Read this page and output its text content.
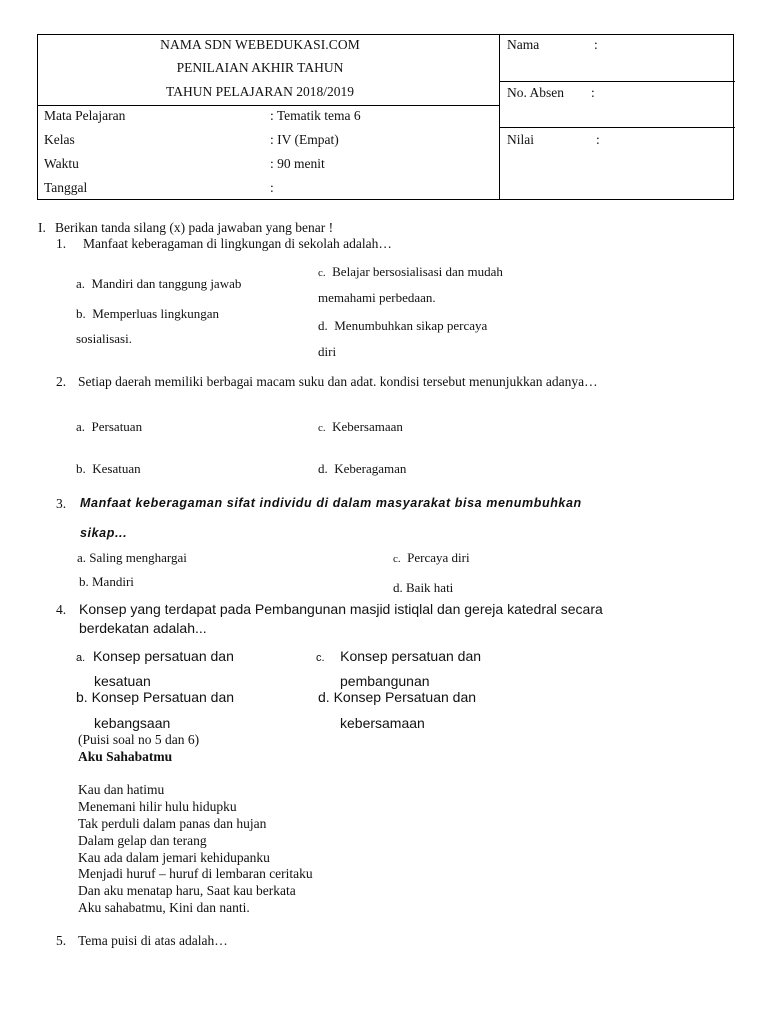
NAMA SDN WEBEDUKASI.COM
PENILAIAN AKHIR TAHUN
TAHUN PELAJARAN 2018/2019
Mata Pelajaran	: Tematik tema 6
Kelas	: IV (Empat)
Waktu	: 90 menit
Tanggal	:
Nama	:
No. Absen :
Nilai	:
I. Berikan tanda silang (x) pada jawaban yang benar !
1. Manfaat keberagaman di lingkungan di sekolah adalah…
a. Mandiri dan tanggung jawab
b. Memperluas lingkungan
sosialisasi.
c. Belajar bersosialisasi dan mudah
memahami perbedaan.
d. Menumbuhkan sikap percaya
diri
2. Setiap daerah memiliki berbagai macam suku dan adat. kondisi tersebut menunjukkan adanya…
a. Persatuan	c. Kebersamaan
b. Kesatuan	d. Keberagaman
3. Manfaat keberagaman sifat individu di dalam masyarakat bisa menumbuhkan
sikap...
a. Saling menghargai	c. Percaya diri
b. Mandiri	d. Baik hati
4. Konsep yang terdapat pada Pembangunan masjid istiqlal dan gereja katedral secara
berdekatan adalah...
a. Konsep persatuan dan
kesatuan
c. Konsep persatuan dan
pembangunan
b. Konsep Persatuan dan
kebangsaan
d. Konsep Persatuan dan
kebersamaan
(Puisi soal no 5 dan 6)
Aku Sahabatmu
Kau dan hatimu
Menemani hilir hulu hidupku
Tak perduli dalam panas dan hujan
Dalam gelap dan terang
Kau ada dalam jemari kehidupanku
Menjadi huruf – huruf di lembaran ceritaku
Dan aku menatap haru, Saat kau berkata
Aku sahabatmu, Kini dan nanti.
5. Tema puisi di atas adalah…
